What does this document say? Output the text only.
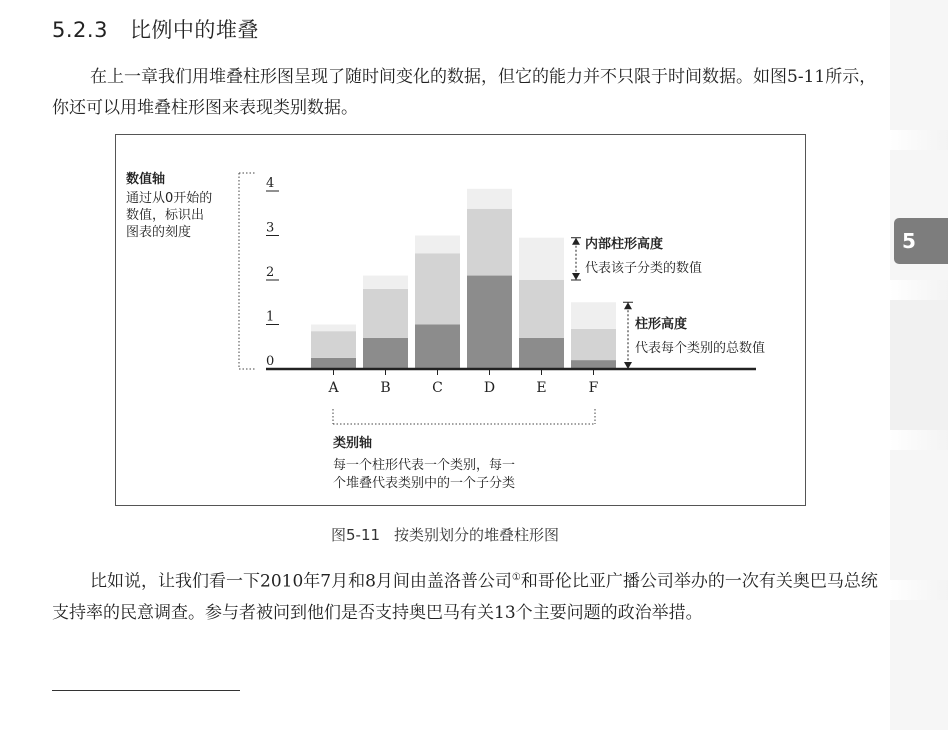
5
5.2.3 比例中的堆叠
在上一章我们用堆叠柱形图呈现了随时间变化的数据，但它的能力并不只限于时间数据。如图5-11所示，你还可以用堆叠柱形图来表现类别数据。
0
1
2
3
4
A	B	C	D	E	F
数值轴
通过从0开始的
数值，标识出
图表的刻度
内部柱形高度
代表该子分类的数值
柱形高度
代表每个类别的总数值
类别轴
每一个柱形代表一个类别，每一
个堆叠代表类别中的一个子分类
图5-11 按类别划分的堆叠柱形图
比如说，让我们看一下2010年7月和8月间由盖洛普公司①和哥伦比亚广播公司举办的一次有关奥巴马总统支持率的民意调查。参与者被问到他们是否支持奥巴马有关13个主要问题的政治举措。
